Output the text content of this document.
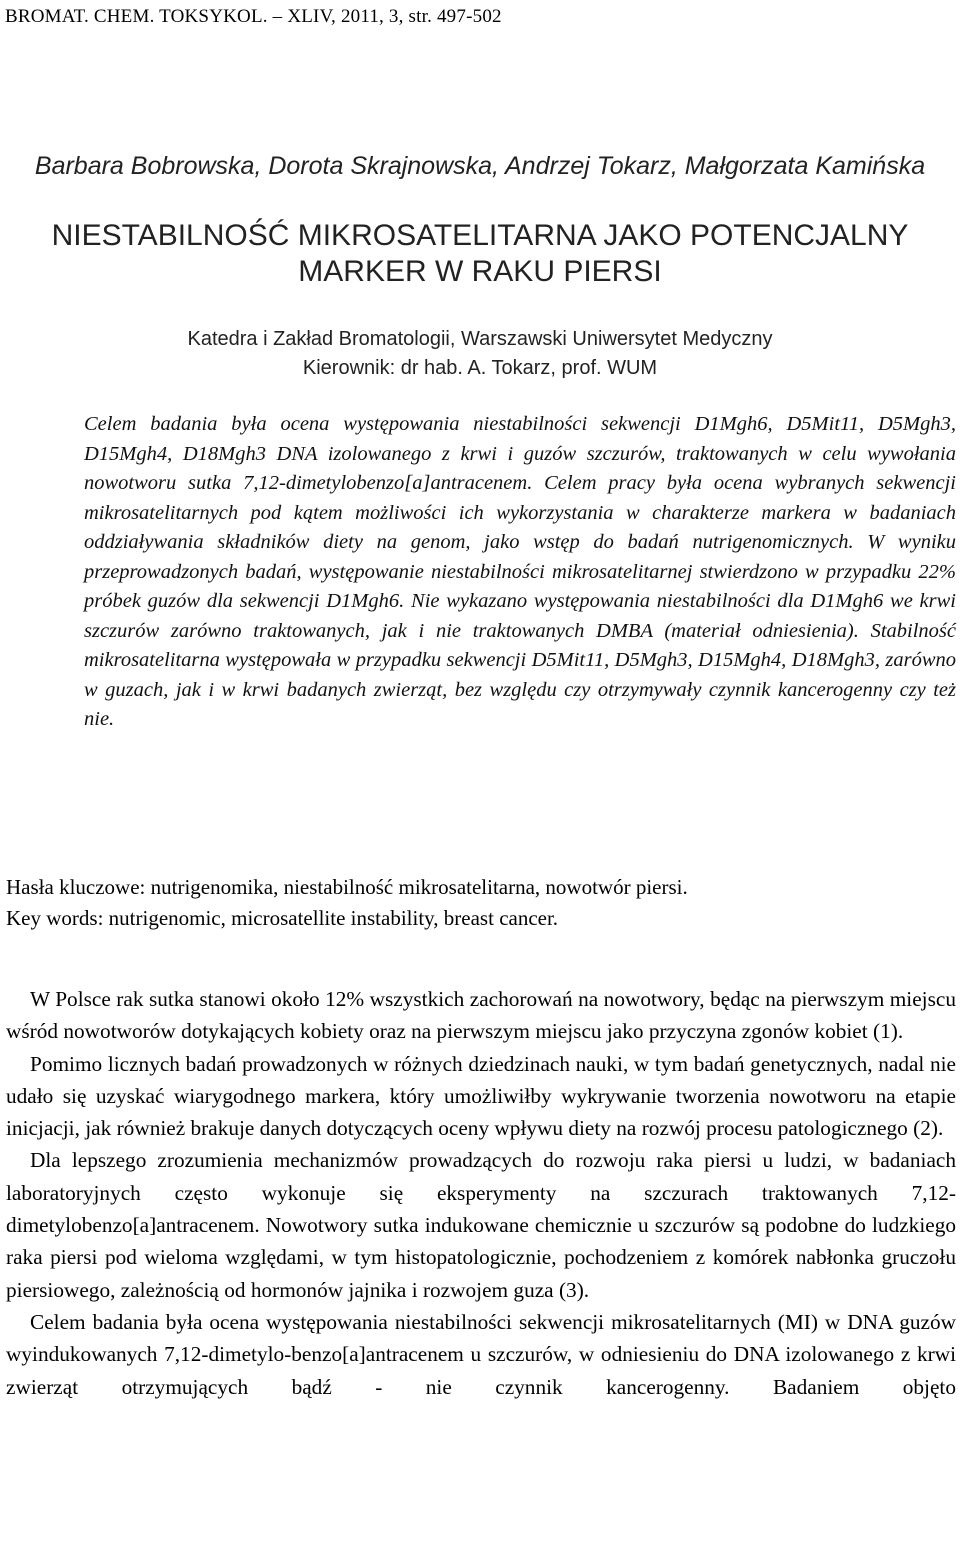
BROMAT. CHEM. TOKSYKOL. – XLIV, 2011, 3, str. 497-502
Barbara Bobrowska, Dorota Skrajnowska, Andrzej Tokarz, Małgorzata Kamińska
NIESTABILNOŚĆ MIKROSATELITARNA JAKO POTENCJALNY
MARKER W RAKU PIERSI
Katedra i Zakład Bromatologii, Warszawski Uniwersytet Medyczny
Kierownik: dr hab. A. Tokarz, prof. WUM
Celem badania była ocena występowania niestabilności sekwencji D1Mgh6, D5Mit11, D5Mgh3, D15Mgh4, D18Mgh3 DNA izolowanego z krwi i guzów szczurów, traktowanych w celu wywołania nowotworu sutka 7,12-dimetylobenzo[a]antracenem. Celem pracy była ocena wybranych sekwencji mikrosatelitarnych pod kątem możliwości ich wykorzystania w charakterze markera w badaniach oddziaływania składników diety na genom, jako wstęp do badań nutrigenomicznych. W wyniku przeprowadzonych badań, występowanie niestabilności mikrosatelitarnej stwierdzono w przypadku 22% próbek guzów dla sekwencji D1Mgh6. Nie wykazano występowania niestabilności dla D1Mgh6 we krwi szczurów zarówno traktowanych, jak i nie traktowanych DMBA (materiał odniesienia). Stabilność mikrosatelitarna występowała w przypadku sekwencji D5Mit11, D5Mgh3, D15Mgh4, D18Mgh3, zarówno w guzach, jak i w krwi badanych zwierząt, bez względu czy otrzymywały czynnik kancerogenny czy też nie.
Hasła kluczowe: nutrigenomika, niestabilność mikrosatelitarna, nowotwór piersi.
Key words: nutrigenomic, microsatellite instability, breast cancer.

W Polsce rak sutka stanowi około 12% wszystkich zachorowań na nowotwory, będąc na pierwszym miejscu wśród nowotworów dotykających kobiety oraz na pierwszym miejscu jako przyczyna zgonów kobiet (1).

Pomimo licznych badań prowadzonych w różnych dziedzinach nauki, w tym badań genetycznych, nadal nie udało się uzyskać wiarygodnego markera, który umożliwiłby wykrywanie tworzenia nowotworu na etapie inicjacji, jak również brakuje danych dotyczących oceny wpływu diety na rozwój procesu patologicznego (2).

Dla lepszego zrozumienia mechanizmów prowadzących do rozwoju raka piersi u ludzi, w badaniach laboratoryjnych często wykonuje się eksperymenty na szczurach traktowanych 7,12-dimetylobenzo[a]antracenem. Nowotwory sutka indukowane chemicznie u szczurów są podobne do ludzkiego raka piersi pod wieloma względami, w tym histopatologicznie, pochodzeniem z komórek nabłonka gruczołu piersiowego, zależnością od hormonów jajnika i rozwojem guza (3).

Celem badania była ocena występowania niestabilności sekwencji mikrosatelitarnych (MI) w DNA guzów wyindukowanych 7,12-dimetylo-benzo[a]antracenem u szczurów, w odniesieniu do DNA izolowanego z krwi zwierząt otrzymujących bądź - nie czynnik kancerogenny. Badaniem objęto
